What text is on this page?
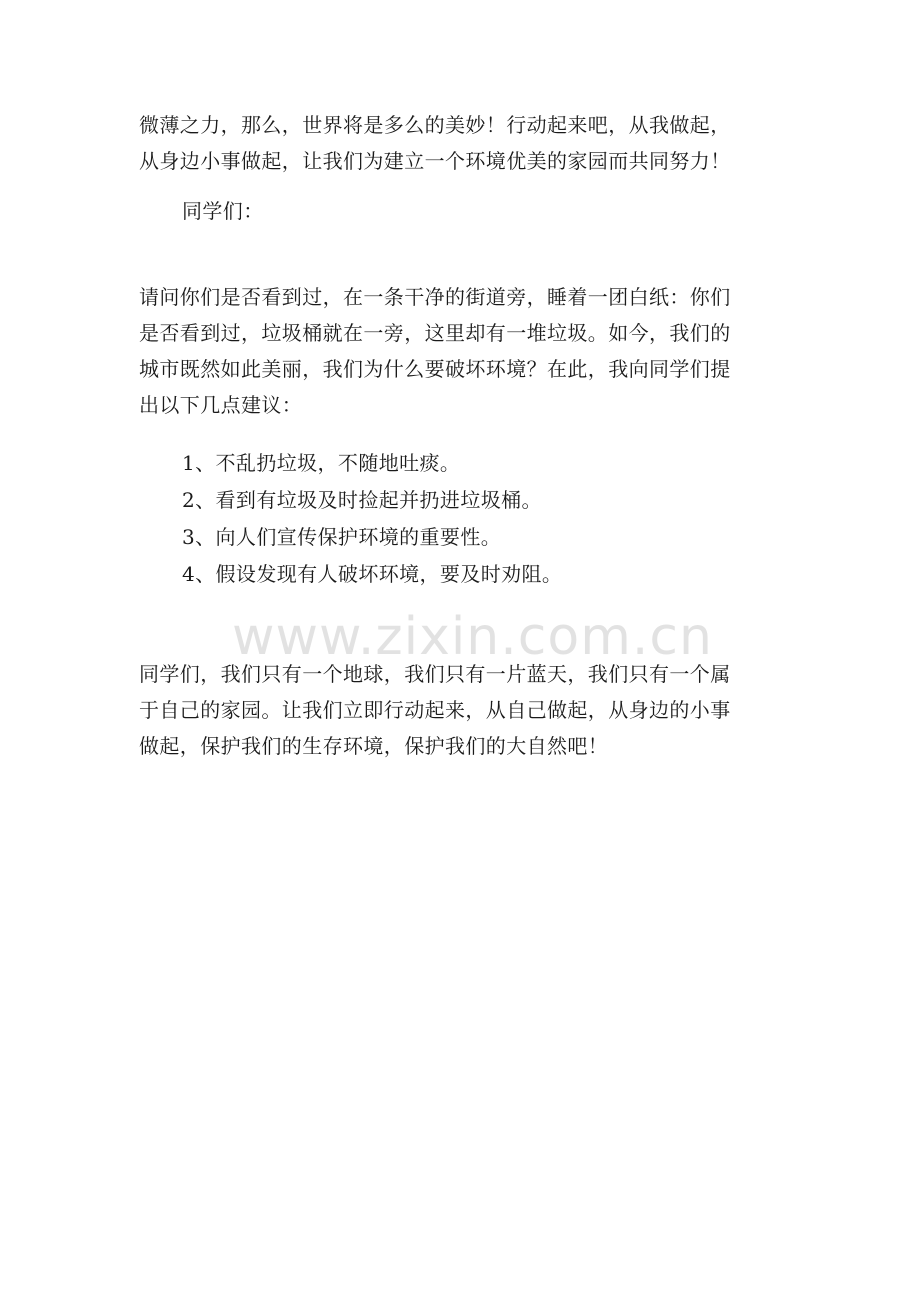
微薄之力，那么，世界将是多么的美妙！行动起来吧，从我做起，
从身边小事做起，让我们为建立一个环境优美的家园而共同努力！
同学们：
请问你们是否看到过，在一条干净的街道旁，睡着一团白纸：你们
是否看到过，垃圾桶就在一旁，这里却有一堆垃圾。如今，我们的
城市既然如此美丽，我们为什么要破坏环境？在此，我向同学们提
出以下几点建议：
1、不乱扔垃圾，不随地吐痰。
2、看到有垃圾及时捡起并扔进垃圾桶。
3、向人们宣传保护环境的重要性。
4、假设发现有人破坏环境，要及时劝阻。
www.zixin.com.cn
同学们，我们只有一个地球，我们只有一片蓝天，我们只有一个属
于自己的家园。让我们立即行动起来，从自己做起，从身边的小事
做起，保护我们的生存环境，保护我们的大自然吧！
